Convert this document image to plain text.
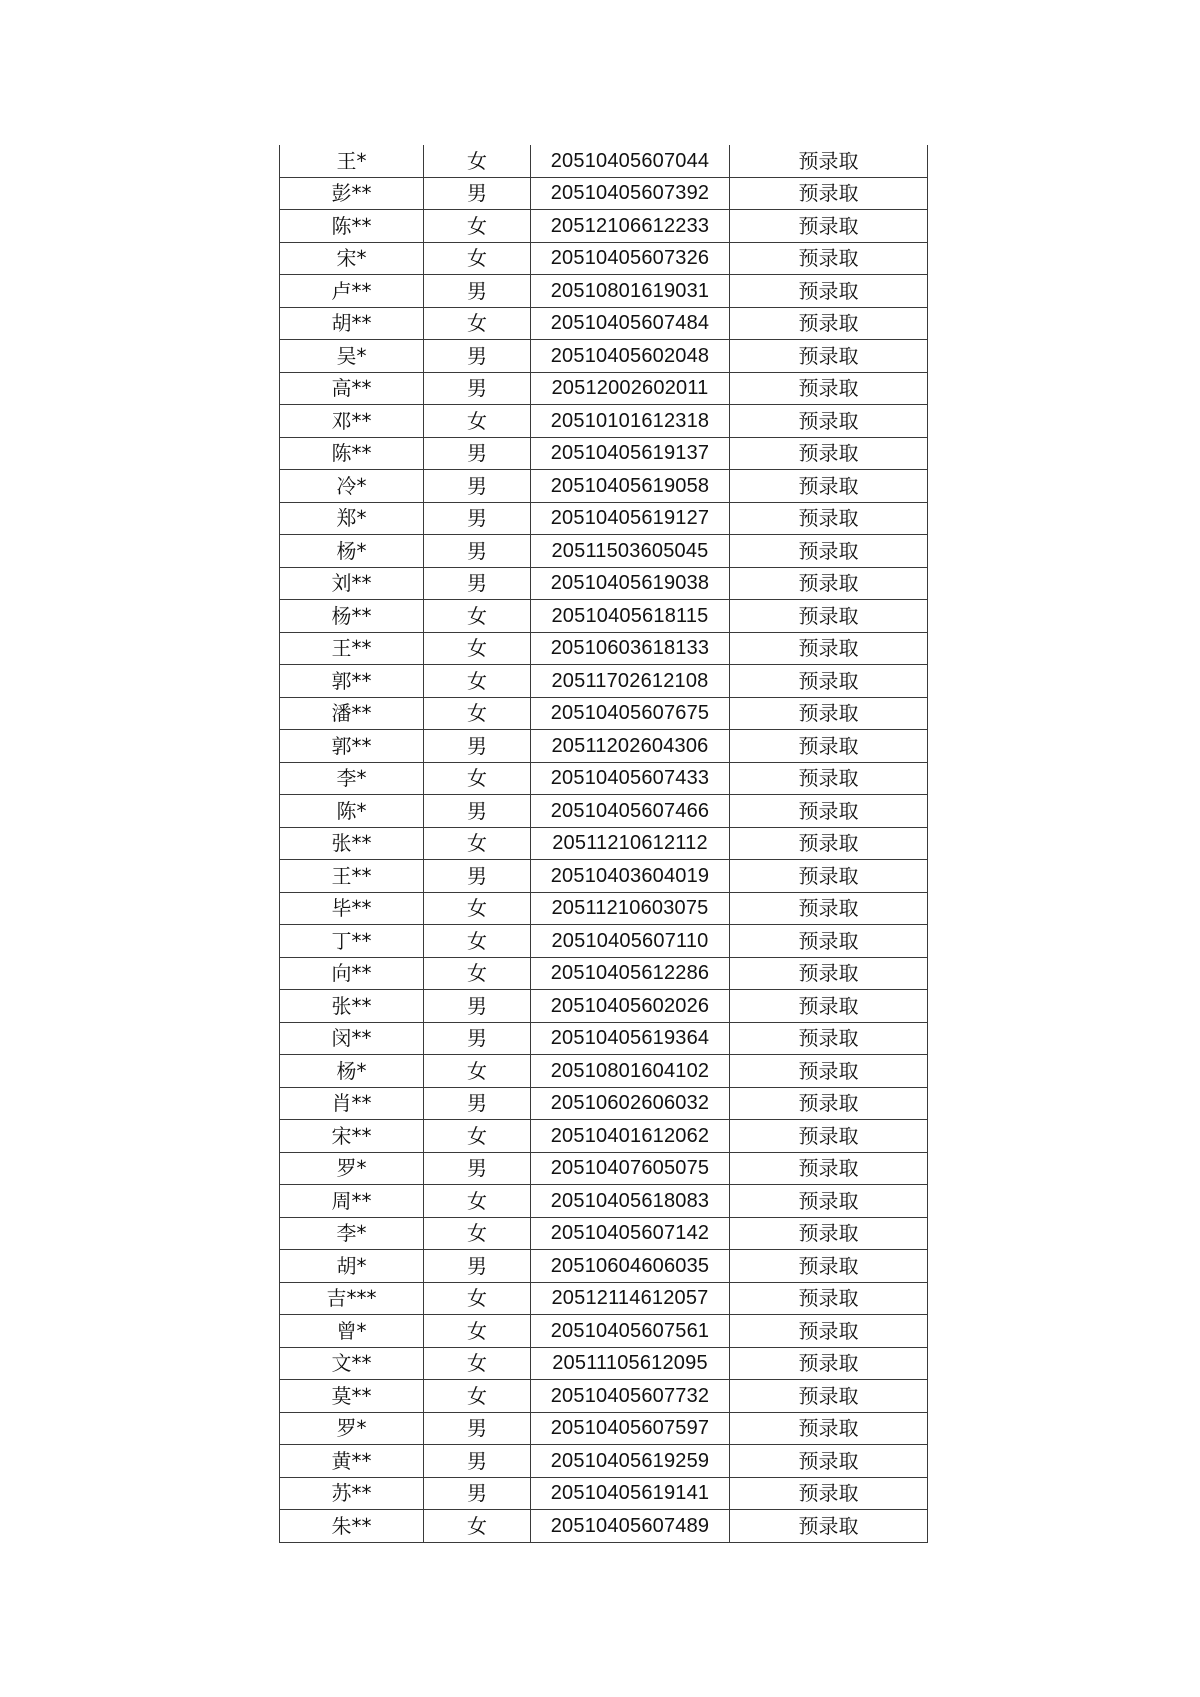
王*	女	20510405607044	预录取
彭**	男	20510405607392	预录取
陈**	女	20512106612233	预录取
宋*	女	20510405607326	预录取
卢**	男	20510801619031	预录取
胡**	女	20510405607484	预录取
吴*	男	20510405602048	预录取
高**	男	20512002602011	预录取
邓**	女	20510101612318	预录取
陈**	男	20510405619137	预录取
冷*	男	20510405619058	预录取
郑*	男	20510405619127	预录取
杨*	男	20511503605045	预录取
刘**	男	20510405619038	预录取
杨**	女	20510405618115	预录取
王**	女	20510603618133	预录取
郭**	女	20511702612108	预录取
潘**	女	20510405607675	预录取
郭**	男	20511202604306	预录取
李*	女	20510405607433	预录取
陈*	男	20510405607466	预录取
张**	女	20511210612112	预录取
王**	男	20510403604019	预录取
毕**	女	20511210603075	预录取
丁**	女	20510405607110	预录取
向**	女	20510405612286	预录取
张**	男	20510405602026	预录取
闵**	男	20510405619364	预录取
杨*	女	20510801604102	预录取
肖**	男	20510602606032	预录取
宋**	女	20510401612062	预录取
罗*	男	20510407605075	预录取
周**	女	20510405618083	预录取
李*	女	20510405607142	预录取
胡*	男	20510604606035	预录取
吉***	女	20512114612057	预录取
曾*	女	20510405607561	预录取
文**	女	20511105612095	预录取
莫**	女	20510405607732	预录取
罗*	男	20510405607597	预录取
黄**	男	20510405619259	预录取
苏**	男	20510405619141	预录取
朱**	女	20510405607489	预录取
